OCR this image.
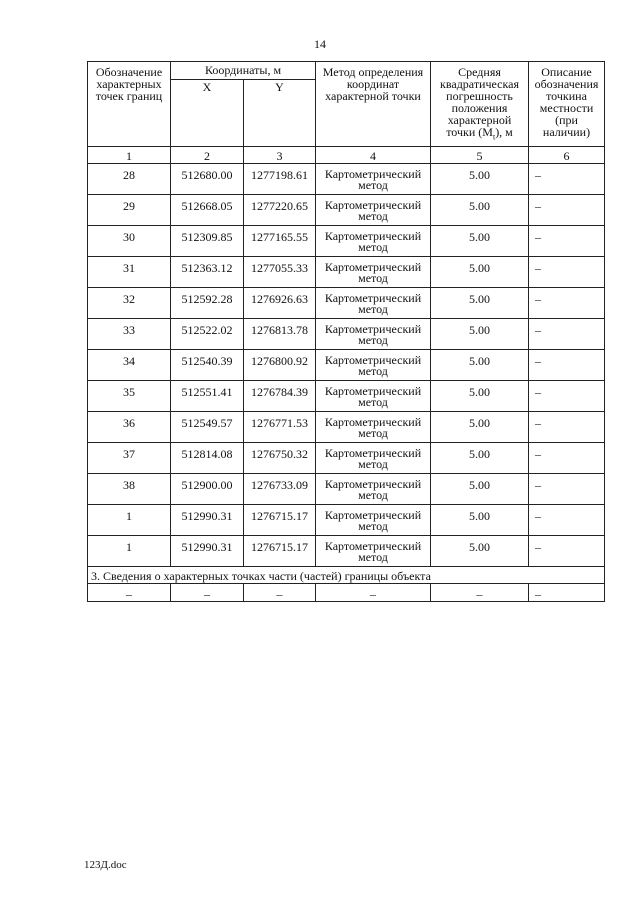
14
Обозначение характерных точек границ	Координаты, м		Метод определения координат характерной точки	Средняя квадратическая погрешность положения характерной точки $(M_t)$, м	Описание обозначения точкина местности (при наличии)
	X	Y			
1	2	3	4	5	6
28	512680.00	1277198.61	Картометрический метод	5.00	–
29	512668.05	1277220.65	Картометрический метод	5.00	–
30	512309.85	1277165.55	Картометрический метод	5.00	–
31	512363.12	1277055.33	Картометрический метод	5.00	–
32	512592.28	1276926.63	Картометрический метод	5.00	–
33	512522.02	1276813.78	Картометрический метод	5.00	–
34	512540.39	1276800.92	Картометрический метод	5.00	–
35	512551.41	1276784.39	Картометрический метод	5.00	–
36	512549.57	1276771.53	Картометрический метод	5.00	–
37	512814.08	1276750.32	Картометрический метод	5.00	–
38	512900.00	1276733.09	Картометрический метод	5.00	–
1	512990.31	1276715.17	Картометрический метод	5.00	–
1	512990.31	1276715.17	Картометрический метод	5.00	–
3. Сведения о характерных точках части (частей) границы объекта					
–	–	–	–	–	–
123Д.doc
